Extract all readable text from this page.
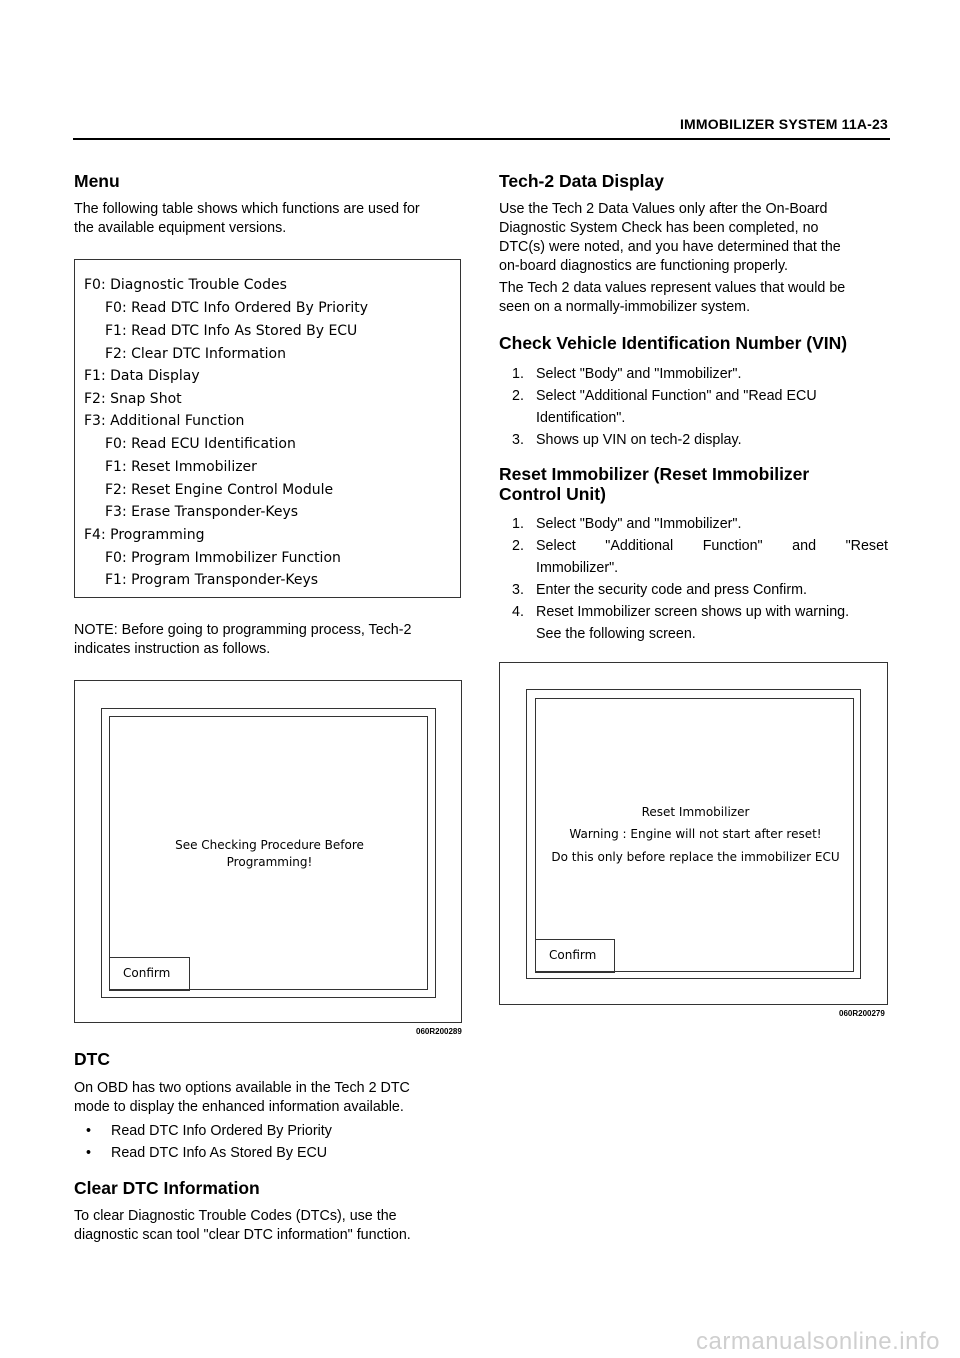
IMMOBILIZER SYSTEM 11A-23
Menu
The following table shows which functions are used for
the available equipment versions.
F0: Diagnostic Trouble Codes
F0: Read DTC Info Ordered By Priority
F1: Read DTC Info As Stored By ECU
F2: Clear DTC Information
F1: Data Display
F2: Snap Shot
F3: Additional Function
F0: Read ECU Identification
F1: Reset Immobilizer
F2: Reset Engine Control Module
F3: Erase Transponder-Keys
F4: Programming
F0: Program Immobilizer Function
F1: Program Transponder-Keys
NOTE: Before going to programming process, Tech-2
indicates instruction as follows.
See Checking Procedure Before
Programming!
Confirm
060R200289
DTC
On OBD has two options available in the Tech 2 DTC
mode to display the enhanced information available.
• Read DTC Info Ordered By Priority
• Read DTC Info As Stored By ECU
Clear DTC Information
To clear Diagnostic Trouble Codes (DTCs), use the
diagnostic scan tool "clear DTC information" function.
Tech-2 Data Display
Use the Tech 2 Data Values only after the On-Board
Diagnostic System Check has been completed, no
DTC(s) were noted, and you have determined that the
on-board diagnostics are functioning properly.
The Tech 2 data values represent values that would be
seen on a normally-immobilizer system.
Check Vehicle Identification Number (VIN)
1. Select "Body" and "Immobilizer".
2. Select "Additional Function" and "Read ECU
Identification".
3. Shows up VIN on tech-2 display.
Reset Immobilizer (Reset Immobilizer
Control Unit)
1. Select "Body" and "Immobilizer".
2. Select "Additional Function" and "Reset
Immobilizer".
3. Enter the security code and press Confirm.
4. Reset Immobilizer screen shows up with warning.
See the following screen.
Reset Immobilizer
Warning : Engine will not start after reset!
Do this only before replace the immobilizer ECU
Confirm
060R200279
carmanualsonline.info
